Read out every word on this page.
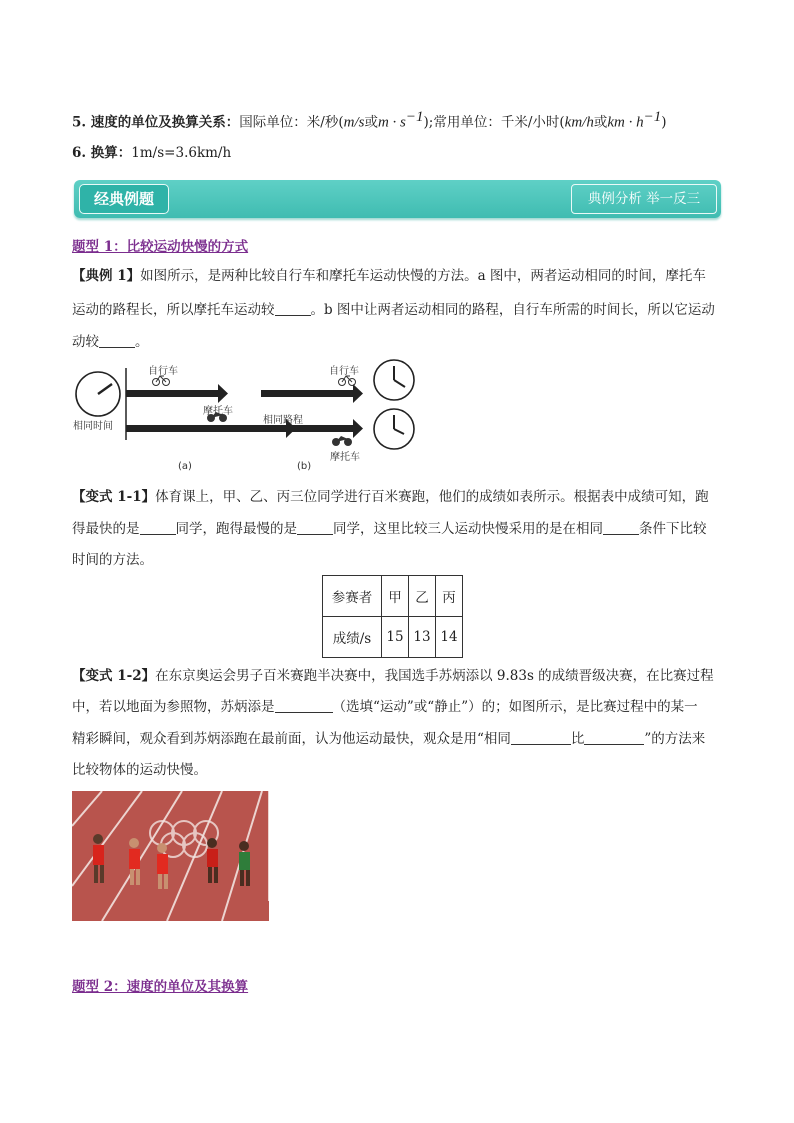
5. 速度的单位及换算关系：国际单位：米/秒(m/s或$m \cdot s^{-1}$);常用单位：千米/小时(km/h或km · $h^{-1}$)
6. 换算：1m/s=3.6km/h
经典例题	典例分析 举一反三
题型 1：比较运动快慢的方式
【典例 1】如图所示，是两种比较自行车和摩托车运动快慢的方法。a 图中，两者运动相同的时间，摩托车
运动的路程长，所以摩托车运动较	。b 图中让两者运动相同的路程，自行车所需的时间长，所以它运动
动较	。
自行车
摩托车
相同时间
自行车
相同路程
摩托车
(a)	(b)
【变式 1-1】体育课上，甲、乙、丙三位同学进行百米赛跑，他们的成绩如表所示。根据表中成绩可知，跑
得最快的是	同学，跑得最慢的是	同学，这里比较三人运动快慢采用的是在相同	条件下比较
时间的方法。
参赛者	甲	乙	丙
成绩/s	15	13	14
【变式 1-2】在东京奥运会男子百米赛跑半决赛中，我国选手苏炳添以 9.83s 的成绩晋级决赛，在比赛过程
中，若以地面为参照物，苏炳添是	（选填“运动”或“静止”）的；如图所示，是比赛过程中的某一
精彩瞬间，观众看到苏炳添跑在最前面，认为他运动最快，观众是用“相同	比	”的方法来
比较物体的运动快慢。
题型 2：速度的单位及其换算
